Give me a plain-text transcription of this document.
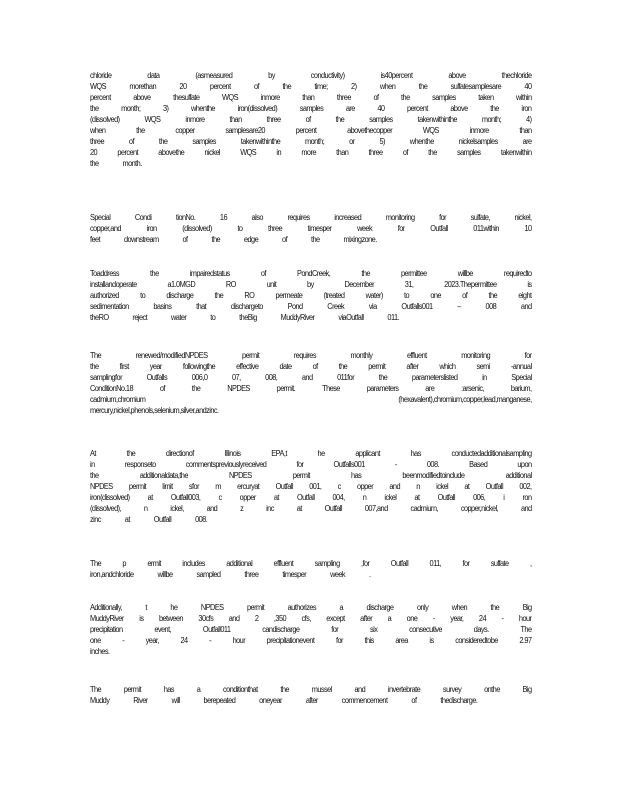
chloride	data	(asmeasured	by	conductivity)	is40percent	above	thechloride
WQS	morethan	20	percent	of	the	time;	2)	when	the	sulfatesamplesare	40
percent	above	thesulfate	WQS	inmore	than	three	of	the	samples	taken	within
the	month;	3)	whenthe	iron(dissolved)	samples	are	40	percent	above	the	iron
(dissolved)	WQS	inmore	than	three	of	the	samples	takenwithinthe	month;	4)
when	the	copper	samplesare20	percent	abovethecopper	WQS	inmore	than
three	of	the	samples	takenwithinthe	month;	or	5)	whenthe	nickelsamples	are
20	percent	abovethe	nickel	WQS	in	more	than	three	of	the	samples	takenwithin
the	month.
Special	Condi	tionNo.	16	also	requires	increased	monitoring	for	sulfate,	nickel,
copper,and	iron	(dissolved)	to	three	timesper	week	for	Outfall	011within	10
feet	downstream	of	the	edge	of	the	mixingzone.
Toaddress	the	impairedstatus	of	PondCreek,	the	permittee	willbe	requiredto
installandoperate	a1.0MGD	RO	unit	by	December	31,	2023.Thepermittee	is
authorized	to	discharge	the	RO	permeate	(treated	water)	to	one	of	the	eight
sedimentation	basins	that	dischargeto	Pond	Creek	via	Outfalls001	–	008	and
theRO	reject	water	to	theBig	MuddyRiver	viaOutfall	011.
The	renewed/modifiedNPDES	permit	requires	monthly	effluent	monitoring	for
the	first	year	followingthe	effective	date	of	the	permit	after	which	semi	-annual
samplingfor	Outfalls	006,0	07,	008,	and	011for	the	parameterslisted	in	Special
ConditionNo.18	of	the	NPDES	permit.	These	parameters	are	:arsenic,	barium,
cadmium,chromium	(hexavalent),chromium,copper,lead,manganese,
mercury,nickel,phenols,selenium,silver,andzinc.
At	the	directionof	Illinois	EPA,t	he	applicant	has	conductedadditionalsampling
in	responseto	commentspreviouslyreceived	for	Outfalls001	-	008.	Based	upon
the	additionaldata,the	NPDES	permit	has	beenmodifiedtoinclude	additional
NPDES permit limit sfor m ercuryat Outfall 001, c opper and n ickel at Outfall 002,
iron(dissolved) at Outfall003, c opper at Outfall 004, n ickel at Outfall 006, i ron
(dissolved),	n	ickel,	and	z	inc	at	Outfall	007,and	cadmium,	copper,nickel,	and
zinc	at	Outfall	008.
The	p	ermit	includes	additional	effluent	sampling	,for	Outfall	011,	for	sulfate	,
iron,andchloride	willbe	sampled	three	timesper	week	.
Additionally,	t	he	NPDES	permit	authorizes	a	discharge	only	when	the	Big
MuddyRiver is between 30cfs and 2 ,350 cfs, except after a one - year, 24 - hour
precipitation	event,	Outfall011	candischarge	for	six	consecutive	days.	The
one	-	year,	24	-	hour	precipitationevent	for	this	area	is	consideredtobe	2.97
inches.
The	permit	has	a	conditionthat	the	mussel	and	invertebrate	survey	onthe	Big
Muddy	River	will	berepeated	oneyear	after	commencement	of	thedischarge.
